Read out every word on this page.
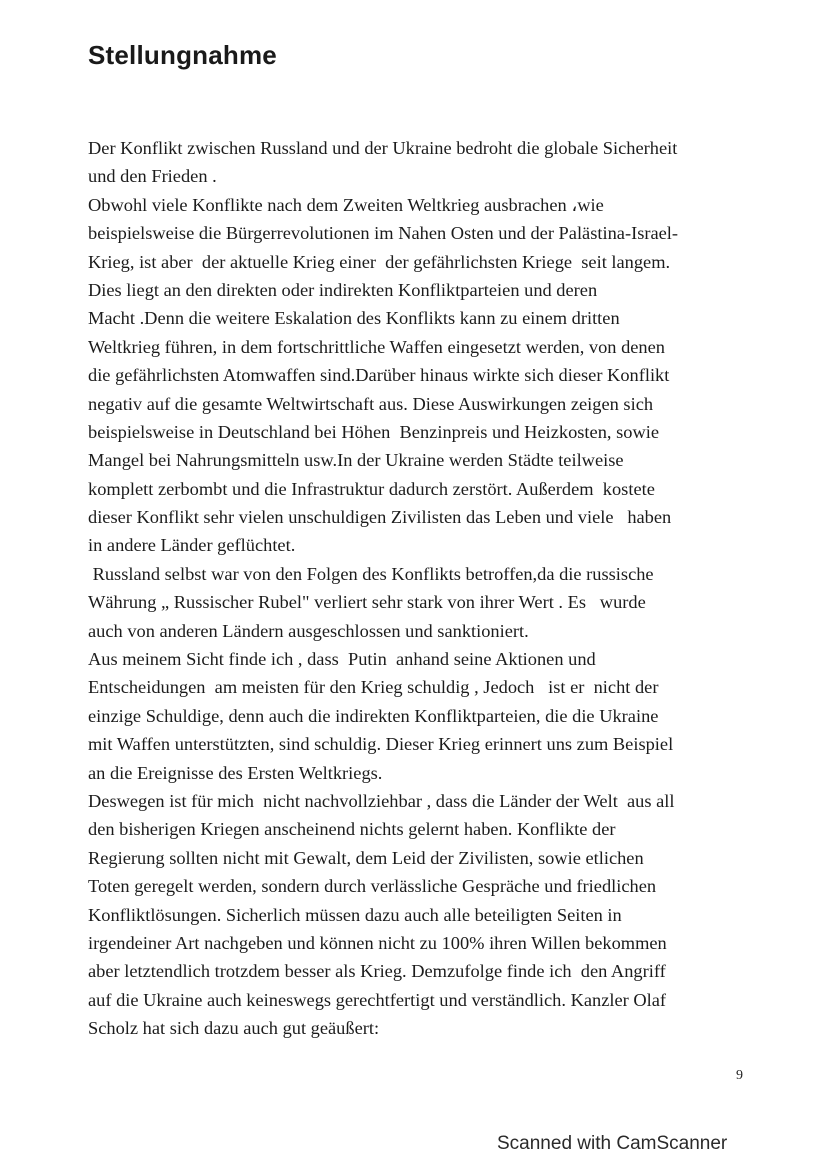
Stellungnahme
Der Konflikt zwischen Russland und der Ukraine bedroht die globale Sicherheit
und den Frieden .
Obwohl viele Konflikte nach dem Zweiten Weltkrieg ausbrachen ،wie
beispielsweise die Bürgerrevolutionen im Nahen Osten und der Palästina-Israel-
Krieg, ist aber  der aktuelle Krieg einer  der gefährlichsten Kriege  seit langem.
Dies liegt an den direkten oder indirekten Konfliktparteien und deren
Macht .Denn die weitere Eskalation des Konflikts kann zu einem dritten
Weltkrieg führen, in dem fortschrittliche Waffen eingesetzt werden, von denen
die gefährlichsten Atomwaffen sind.Darüber hinaus wirkte sich dieser Konflikt
negativ auf die gesamte Weltwirtschaft aus. Diese Auswirkungen zeigen sich
beispielsweise in Deutschland bei Höhen  Benzinpreis und Heizkosten, sowie
Mangel bei Nahrungsmitteln usw.In der Ukraine werden Städte teilweise
komplett zerbombt und die Infrastruktur dadurch zerstört. Außerdem  kostete
dieser Konflikt sehr vielen unschuldigen Zivilisten das Leben und viele   haben
in andere Länder geflüchtet.
Russland selbst war von den Folgen des Konflikts betroffen,da die russische
Währung „ Russischer Rubel" verliert sehr stark von ihrer Wert . Es   wurde
auch von anderen Ländern ausgeschlossen und sanktioniert.
Aus meinem Sicht finde ich , dass  Putin  anhand seine Aktionen und
Entscheidungen  am meisten für den Krieg schuldig , Jedoch   ist er  nicht der
einzige Schuldige, denn auch die indirekten Konfliktparteien, die die Ukraine
mit Waffen unterstützten, sind schuldig. Dieser Krieg erinnert uns zum Beispiel
an die Ereignisse des Ersten Weltkriegs.
Deswegen ist für mich  nicht nachvollziehbar , dass die Länder der Welt  aus all
den bisherigen Kriegen anscheinend nichts gelernt haben. Konflikte der
Regierung sollten nicht mit Gewalt, dem Leid der Zivilisten, sowie etlichen
Toten geregelt werden, sondern durch verlässliche Gespräche und friedlichen
Konfliktlösungen. Sicherlich müssen dazu auch alle beteiligten Seiten in
irgendeiner Art nachgeben und können nicht zu 100% ihren Willen bekommen
aber letztendlich trotzdem besser als Krieg. Demzufolge finde ich  den Angriff
auf die Ukraine auch keineswegs gerechtfertigt und verständlich. Kanzler Olaf
Scholz hat sich dazu auch gut geäußert:
9
Scanned with CamScanner
